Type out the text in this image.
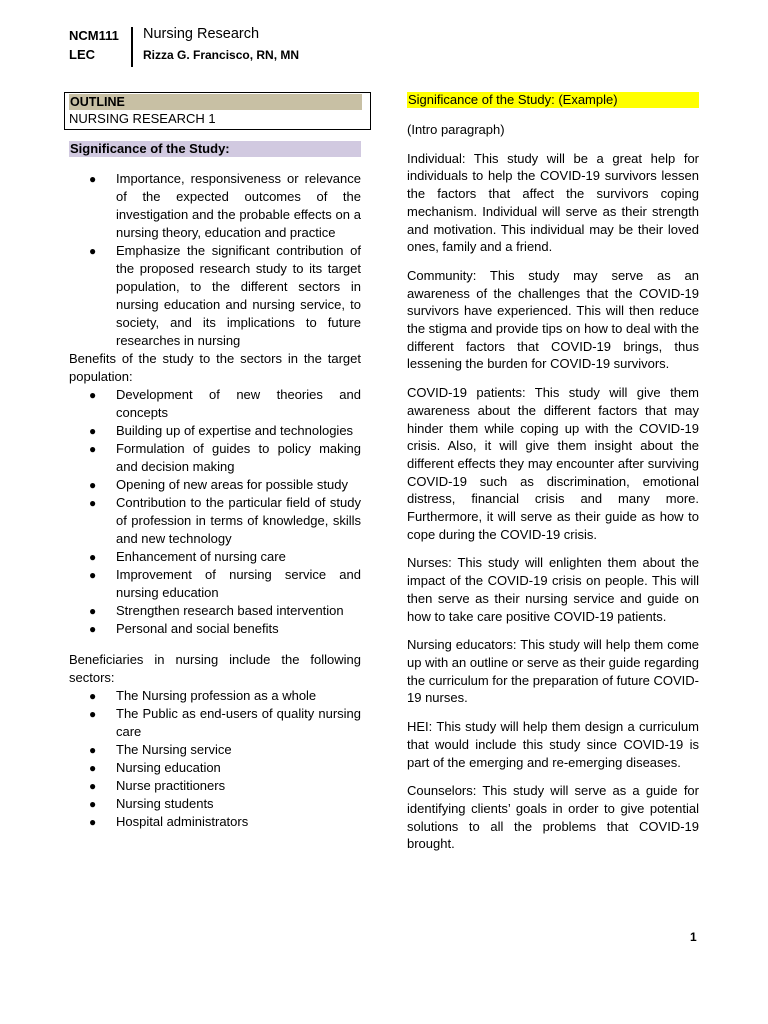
NCM111
LEC
Nursing Research
Rizza G. Francisco, RN, MN
OUTLINE
NURSING RESEARCH 1
Significance of the Study:
● Importance, responsiveness or relevance of the expected outcomes of the investigation and the probable effects on a nursing theory, education and practice
● Emphasize the significant contribution of the proposed research study to its target population, to the different sectors in nursing education and nursing service, to society, and its implications to future researches in nursing
Benefits of the study to the sectors in the target population:
● Development of new theories and concepts
● Building up of expertise and technologies
● Formulation of guides to policy making and decision making
● Opening of new areas for possible study
● Contribution to the particular field of study of profession in terms of knowledge, skills and new technology
● Enhancement of nursing care
● Improvement of nursing service and nursing education
● Strengthen research based intervention
● Personal and social benefits
Beneficiaries in nursing include the following sectors:
● The Nursing profession as a whole
● The Public as end-users of quality nursing care
● The Nursing service
● Nursing education
● Nurse practitioners
● Nursing students
● Hospital administrators
Significance of the Study: (Example)

(Intro paragraph)

Individual: This study will be a great help for individuals to help the COVID-19 survivors lessen the factors that affect the survivors coping mechanism. Individual will serve as their strength and motivation. This individual may be their loved ones, family and a friend.

Community: This study may serve as an awareness of the challenges that the COVID-19 survivors have experienced. This will then reduce the stigma and provide tips on how to deal with the different factors that COVID-19 brings, thus lessening the burden for COVID-19 survivors.

COVID-19 patients: This study will give them awareness about the different factors that may hinder them while coping up with the COVID-19 crisis. Also, it will give them insight about the different effects they may encounter after surviving COVID-19 such as discrimination, emotional distress, financial crisis and many more. Furthermore, it will serve as their guide as how to cope during the COVID-19 crisis.

Nurses: This study will enlighten them about the impact of the COVID-19 crisis on people. This will then serve as their nursing service and guide on how to take care positive COVID-19 patients.

Nursing educators: This study will help them come up with an outline or serve as their guide regarding the curriculum for the preparation of future COVID-19 nurses.

HEI: This study will help them design a curriculum that would include this study since COVID-19 is part of the emerging and re-emerging diseases.

Counselors: This study will serve as a guide for identifying clients’ goals in order to give potential solutions to all the problems that COVID-19 brought.

1
